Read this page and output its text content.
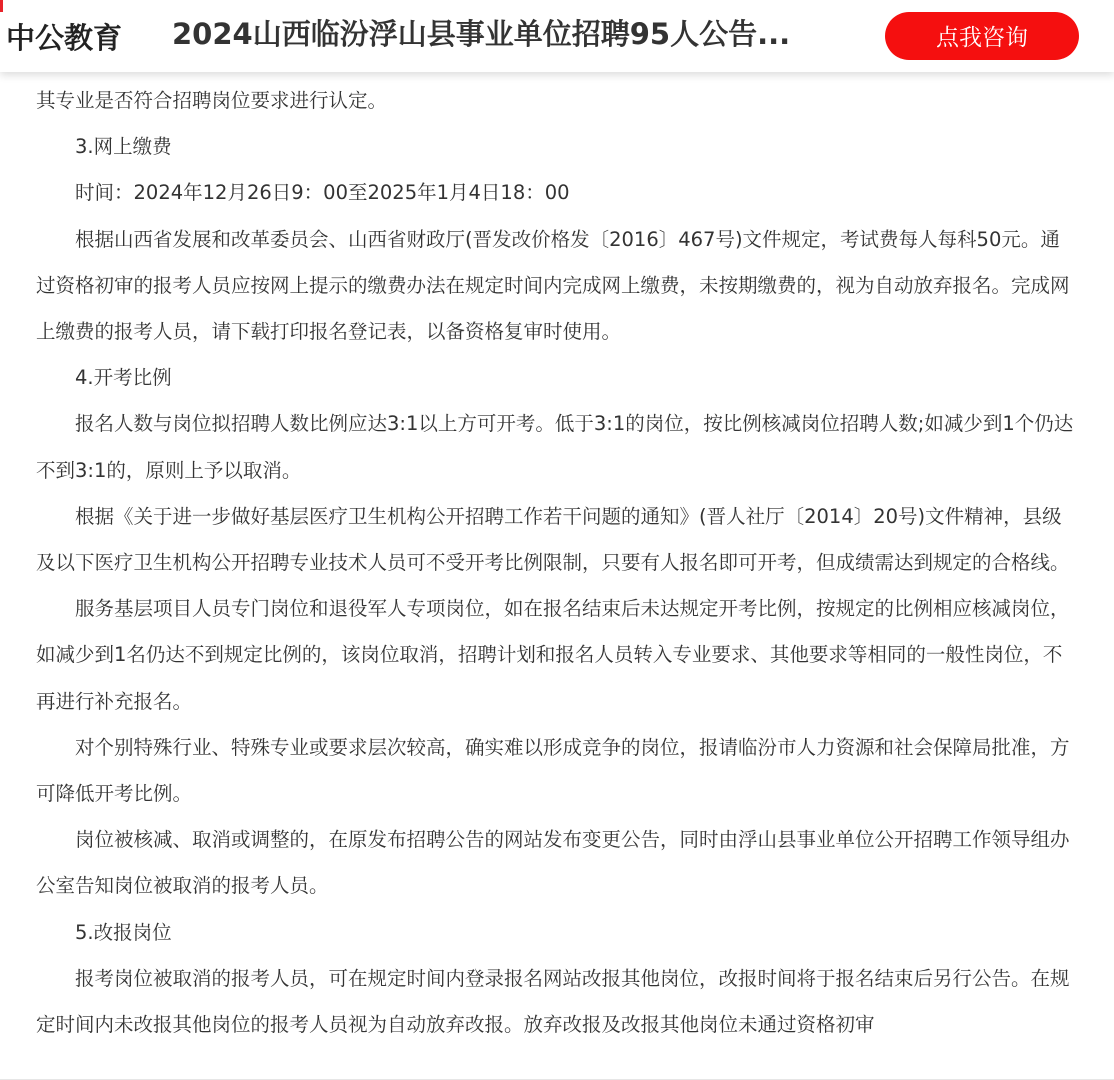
中公教育 2024山西临汾浮山县事业单位招聘95人公告...	点我咨询

其专业是否符合招聘岗位要求进行认定。

3.网上缴费

时间：2024年12月26日9：00至2025年1月4日18：00

根据山西省发展和改革委员会、山西省财政厅(晋发改价格发〔2016〕467号)文件规定，考试费每人每科50元。通过资格初审的报考人员应按网上提示的缴费办法在规定时间内完成网上缴费，未按期缴费的，视为自动放弃报名。完成网上缴费的报考人员，请下载打印报名登记表，以备资格复审时使用。

4.开考比例

报名人数与岗位拟招聘人数比例应达3:1以上方可开考。低于3:1的岗位，按比例核减岗位招聘人数;如减少到1个仍达不到3:1的，原则上予以取消。

根据《关于进一步做好基层医疗卫生机构公开招聘工作若干问题的通知》(晋人社厅〔2014〕20号)文件精神，县级及以下医疗卫生机构公开招聘专业技术人员可不受开考比例限制，只要有人报名即可开考，但成绩需达到规定的合格线。

服务基层项目人员专门岗位和退役军人专项岗位，如在报名结束后未达规定开考比例，按规定的比例相应核减岗位，如减少到1名仍达不到规定比例的，该岗位取消，招聘计划和报名人员转入专业要求、其他要求等相同的一般性岗位，不再进行补充报名。

对个别特殊行业、特殊专业或要求层次较高，确实难以形成竞争的岗位，报请临汾市人力资源和社会保障局批准，方可降低开考比例。

岗位被核减、取消或调整的，在原发布招聘公告的网站发布变更公告，同时由浮山县事业单位公开招聘工作领导组办公室告知岗位被取消的报考人员。

5.改报岗位

报考岗位被取消的报考人员，可在规定时间内登录报名网站改报其他岗位，改报时间将于报名结束后另行公告。在规定时间内未改报其他岗位的报考人员视为自动放弃改报。放弃改报及改报其他岗位未通过资格初审
